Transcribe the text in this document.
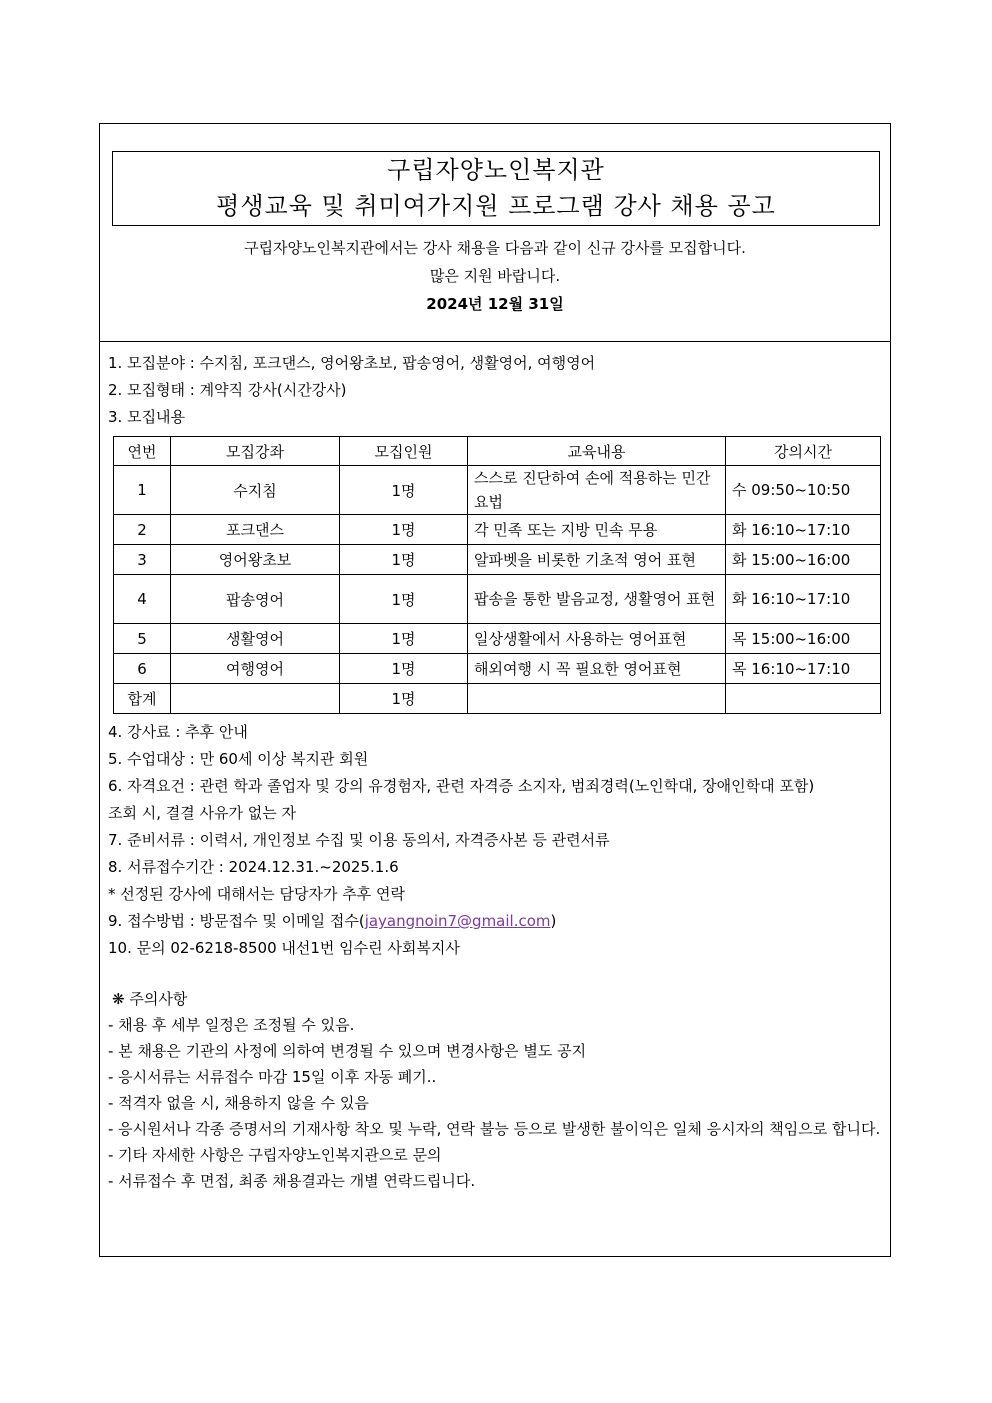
구립자양노인복지관
평생교육 및 취미여가지원 프로그램 강사 채용 공고
구립자양노인복지관에서는 강사 채용을 다음과 같이 신규 강사를 모집합니다.
많은 지원 바랍니다.
2024년 12월 31일
1. 모집분야 : 수지침, 포크댄스, 영어왕초보, 팝송영어, 생활영어, 여행영어
2. 모집형태 : 계약직 강사(시간강사)
3. 모집내용
연번	모집강좌	모집인원	교육내용	강의시간
1	수지침	1명	스스로 진단하여 손에 적용하는 민간요법	수 09:50~10:50
2	포크댄스	1명	각 민족 또는 지방 민속 무용	화 16:10~17:10
3	영어왕초보	1명	알파벳을 비롯한 기초적 영어 표현	화 15:00~16:00
4	팝송영어	1명	팝송을 통한 발음교정, 생활영어 표현	화 16:10~17:10
5	생활영어	1명	일상생활에서 사용하는 영어표현	목 15:00~16:00
6	여행영어	1명	해외여행 시 꼭 필요한 영어표현	목 16:10~17:10
합계		1명		
4. 강사료 : 추후 안내
5. 수업대상 : 만 60세 이상 복지관 회원
6. 자격요건 : 관련 학과 졸업자 및 강의 유경험자, 관련 자격증 소지자, 범죄경력(노인학대, 장애인학대 포함)
조회 시, 결결 사유가 없는 자
7. 준비서류 : 이력서, 개인정보 수집 및 이용 동의서, 자격증사본 등 관련서류
8. 서류접수기간 : 2024.12.31.~2025.1.6
* 선정된 강사에 대해서는 담당자가 추후 연락
9. 접수방법 : 방문접수 및 이메일 접수(jayangnoin7@gmail.com)
10. 문의 02-6218-8500 내선1번 임수린 사회복지사
❋ 주의사항
- 채용 후 세부 일정은 조정될 수 있음.
- 본 채용은 기관의 사정에 의하여 변경될 수 있으며 변경사항은 별도 공지
- 응시서류는 서류접수 마감 15일 이후 자동 폐기..
- 적격자 없을 시, 채용하지 않을 수 있음
- 응시원서나 각종 증명서의 기재사항 착오 및 누락, 연락 불능 등으로 발생한 불이익은 일체 응시자의 책임으로 합니다.
- 기타 자세한 사항은 구립자양노인복지관으로 문의
- 서류접수 후 면접, 최종 채용결과는 개별 연락드립니다.
